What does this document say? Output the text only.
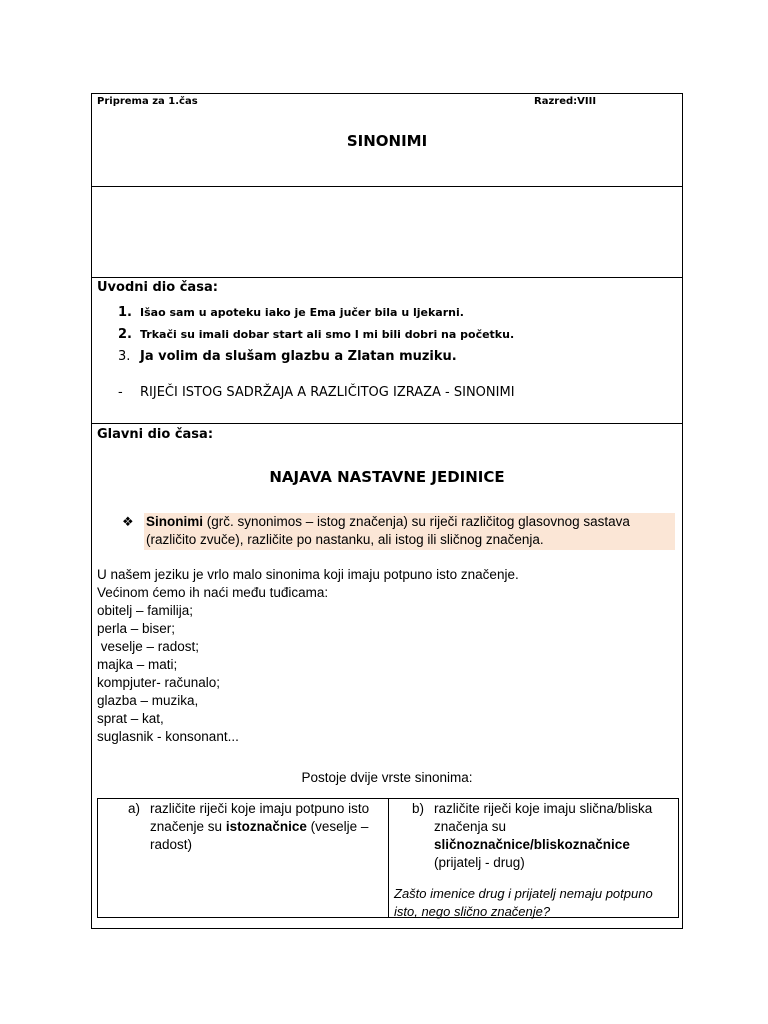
Priprema za 1.čas	Razred:VIII
SINONIMI
Uvodni dio časa:
1. Išao sam u apoteku iako je Ema jučer bila u ljekarni.
2. Trkači su imali dobar start ali smo I mi bili dobri na početku.
3. Ja volim da slušam glazbu a Zlatan muziku.
-	RIJEČI ISTOG SADRŽAJA A RAZLIČITOG IZRAZA - SINONIMI
Glavni dio časa:
NAJAVA NASTAVNE JEDINICE
❖ Sinonimi (grč. synonimos – istog značenja) su riječi različitog glasovnog sastava (različito zvuče), različite po nastanku, ali istog ili sličnog značenja.
U našem jeziku je vrlo malo sinonima koji imaju potpuno isto značenje.
Većinom ćemo ih naći među tuđicama:
obitelj – familija;
perla – biser;
veselje – radost;
majka – mati;
kompjuter- računalo;
glazba – muzika,
sprat – kat,
suglasnik - konsonant...
Postoje dvije vrste sinonima:
a) različite riječi koje imaju potpuno isto značenje su istoznačnice (veselje – radost)
b) različite riječi koje imaju slična/bliska značenja su sličnoznačnice/bliskoznačnice (prijatelj - drug)
Zašto imenice drug i prijatelj nemaju potpuno isto, nego slično značenje?
